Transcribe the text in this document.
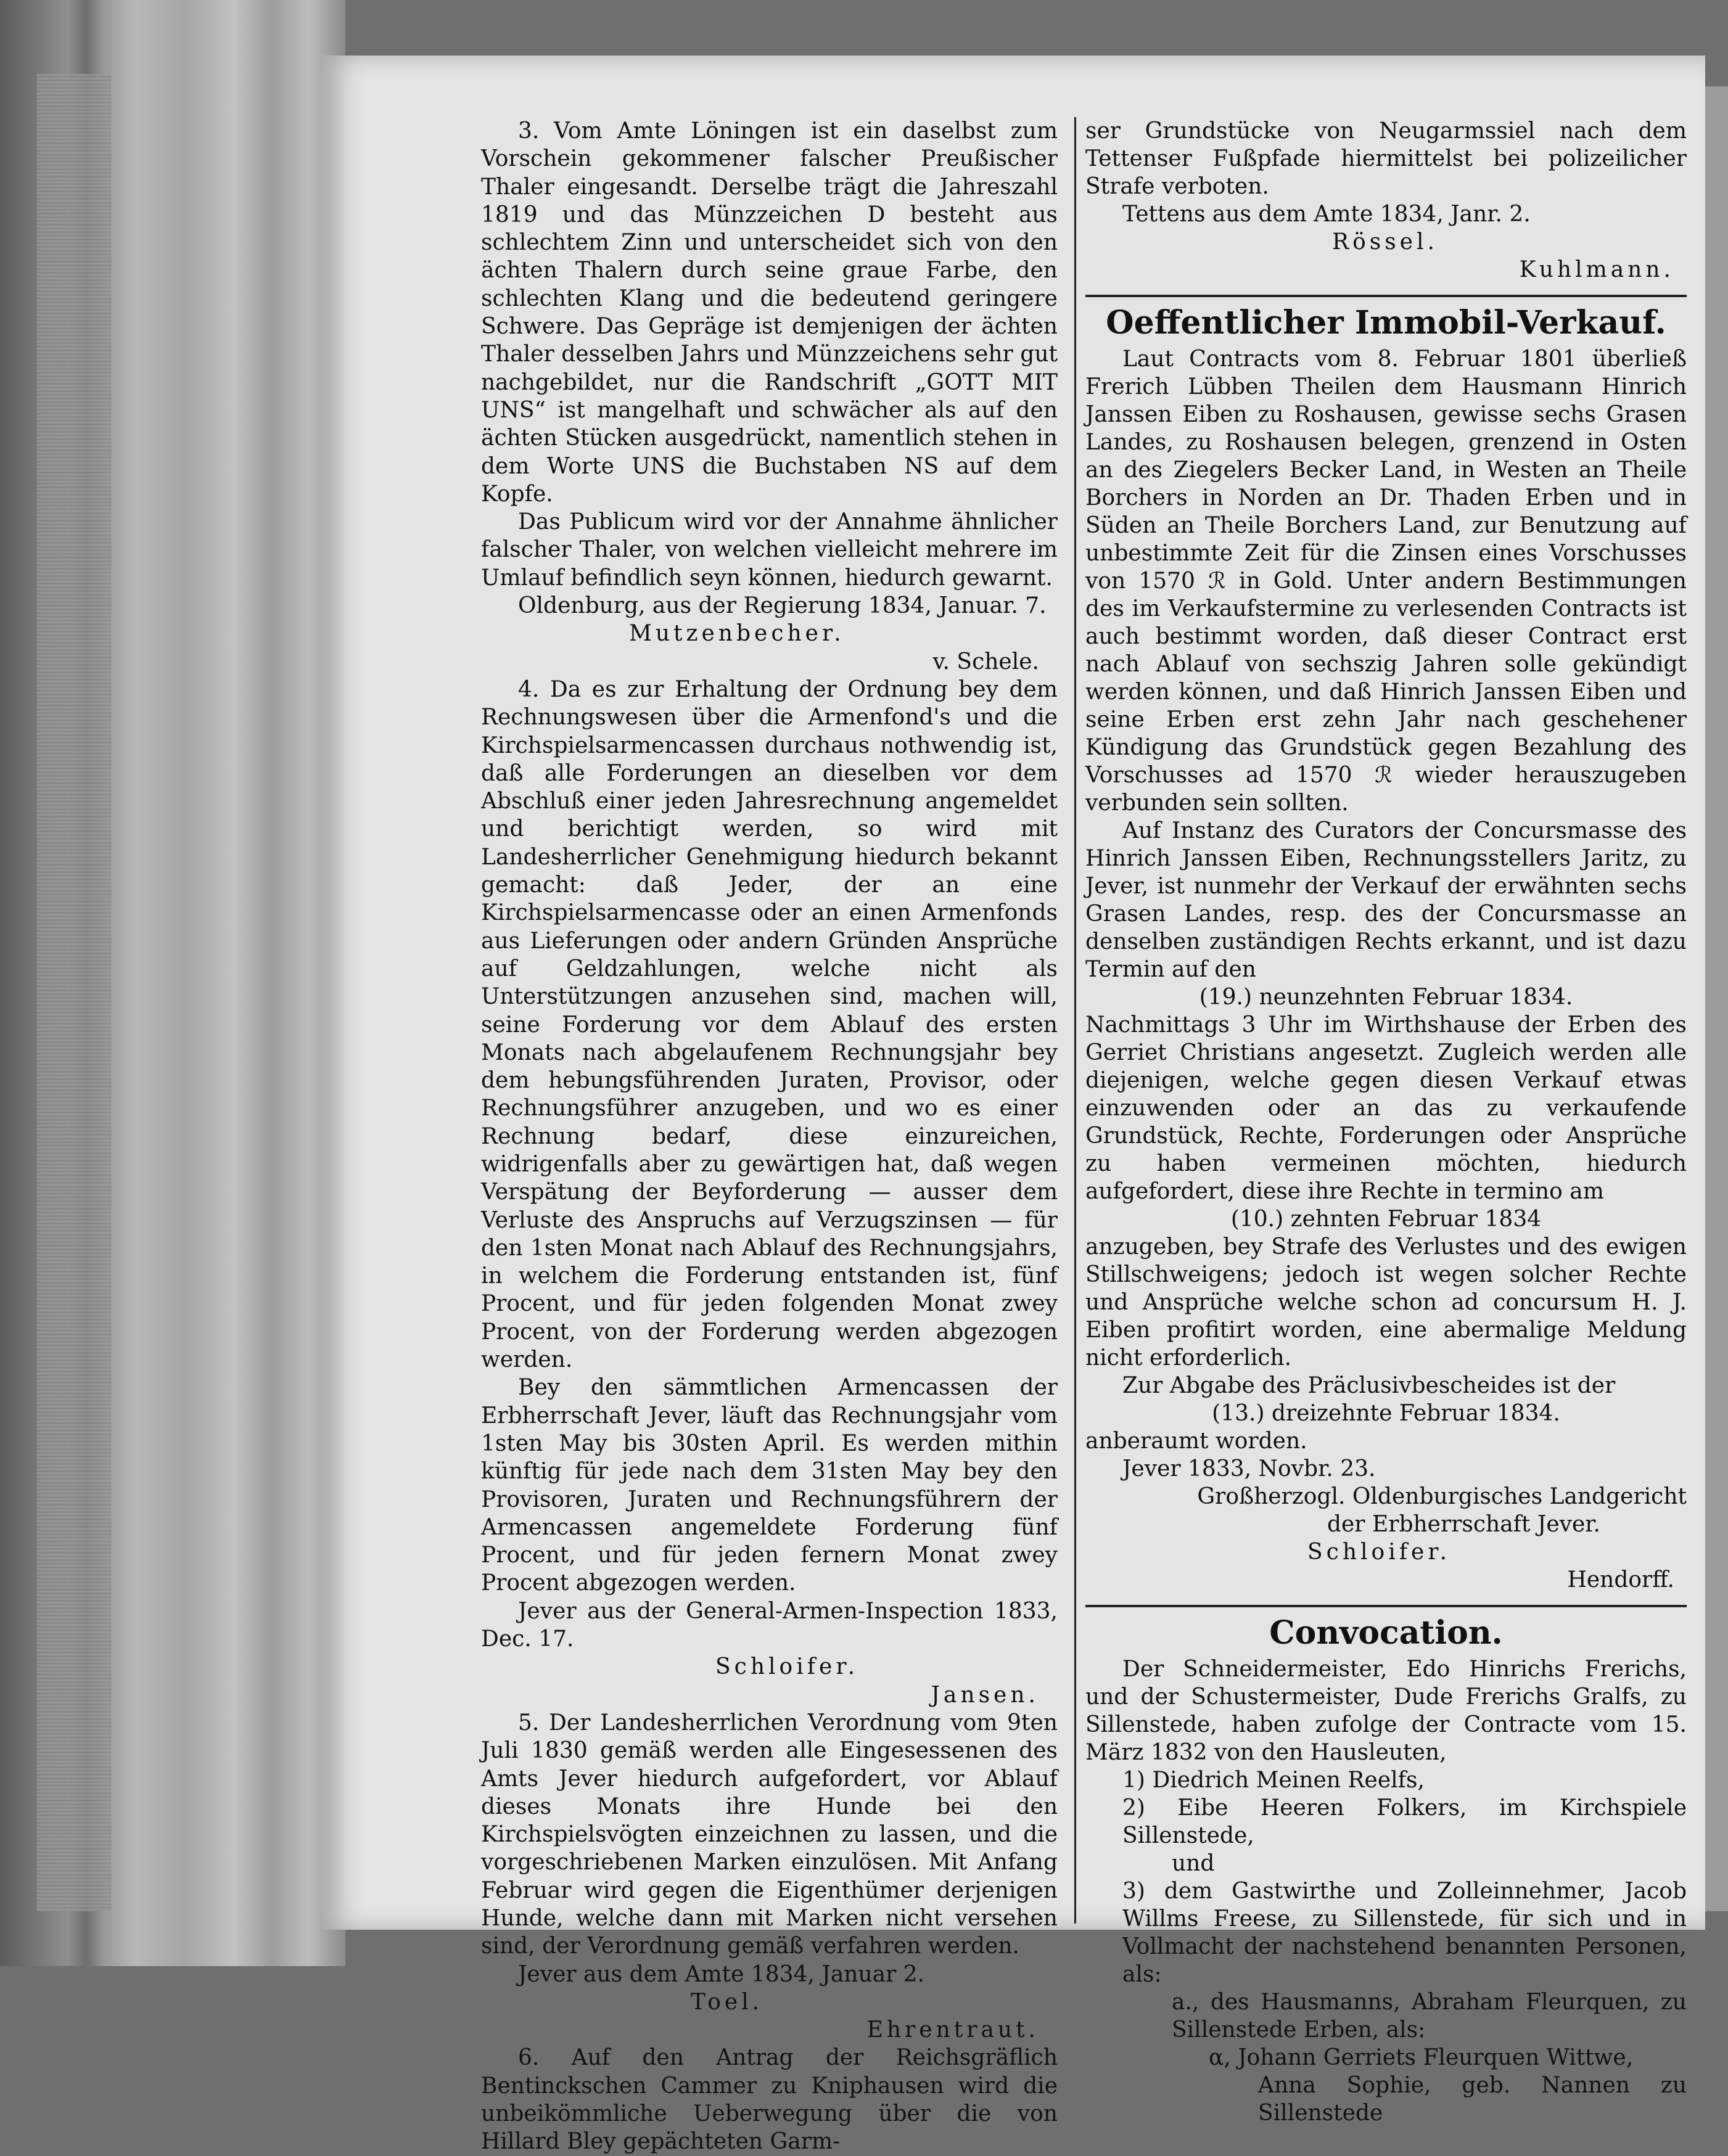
3. Vom Amte Löningen ist ein daselbst zum Vorschein gekommener falscher Preußischer Thaler eingesandt. Derselbe trägt die Jahreszahl 1819 und das Münzzeichen D besteht aus schlechtem Zinn und unterscheidet sich von den ächten Thalern durch seine graue Farbe, den schlechten Klang und die bedeutend geringere Schwere. Das Gepräge ist demjenigen der ächten Thaler desselben Jahrs und Münzzeichens sehr gut nachgebildet, nur die Randschrift „GOTT MIT UNS“ ist mangelhaft und schwächer als auf den ächten Stücken ausgedrückt, namentlich stehen in dem Worte UNS die Buchstaben NS auf dem Kopfe.

Das Publicum wird vor der Annahme ähnlicher falscher Thaler, von welchen vielleicht mehrere im Umlauf befindlich seyn können, hiedurch gewarnt.

Oldenburg, aus der Regierung 1834, Januar. 7.

Mutzenbecher.

v. Schele.

4. Da es zur Erhaltung der Ordnung bey dem Rechnungswesen über die Armenfond's und die Kirchspielsarmencassen durchaus nothwendig ist, daß alle Forderungen an dieselben vor dem Abschluß einer jeden Jahresrechnung angemeldet und berichtigt werden, so wird mit Landesherrlicher Genehmigung hiedurch bekannt gemacht: daß Jeder, der an eine Kirchspielsarmencasse oder an einen Armenfonds aus Lieferungen oder andern Gründen Ansprüche auf Geldzahlungen, welche nicht als Unterstützungen anzusehen sind, machen will, seine Forderung vor dem Ablauf des ersten Monats nach abgelaufenem Rechnungsjahr bey dem hebungsführenden Juraten, Provisor, oder Rechnungsführer anzugeben, und wo es einer Rechnung bedarf, diese einzureichen, widrigenfalls aber zu gewärtigen hat, daß wegen Verspätung der Beyforderung — ausser dem Verluste des Anspruchs auf Verzugszinsen — für den 1sten Monat nach Ablauf des Rechnungsjahrs, in welchem die Forderung entstanden ist, fünf Procent, und für jeden folgenden Monat zwey Procent, von der Forderung werden abgezogen werden.

Bey den sämmtlichen Armencassen der Erbherrschaft Jever, läuft das Rechnungsjahr vom 1sten May bis 30sten April. Es werden mithin künftig für jede nach dem 31sten May bey den Provisoren, Juraten und Rechnungsführern der Armencassen angemeldete Forderung fünf Procent, und für jeden fernern Monat zwey Procent abgezogen werden.

Jever aus der General-Armen-Inspection 1833, Dec. 17.

Schloifer.

Jansen.

5. Der Landesherrlichen Verordnung vom 9ten Juli 1830 gemäß werden alle Eingesessenen des Amts Jever hiedurch aufgefordert, vor Ablauf dieses Monats ihre Hunde bei den Kirchspielsvögten einzeichnen zu lassen, und die vorgeschriebenen Marken einzulösen. Mit Anfang Februar wird gegen die Eigenthümer derjenigen Hunde, welche dann mit Marken nicht versehen sind, der Verordnung gemäß verfahren werden.

Jever aus dem Amte 1834, Januar 2.

Toel.

Ehrentraut.

6. Auf den Antrag der Reichsgräflich Bentinckschen Cammer zu Kniphausen wird die unbeikömmliche Ueberwegung über die von Hillard Bley gepächteten Garm-

ser Grundstücke von Neugarmssiel nach dem Tettenser Fußpfade hiermittelst bei polizeilicher Strafe verboten.

Tettens aus dem Amte 1834, Janr. 2.

Rössel.

Kuhlmann.

Oeffentlicher Immobil-Verkauf.

Laut Contracts vom 8. Februar 1801 überließ Frerich Lübben Theilen dem Hausmann Hinrich Janssen Eiben zu Roshausen, gewisse sechs Grasen Landes, zu Roshausen belegen, grenzend in Osten an des Ziegelers Becker Land, in Westen an Theile Borchers in Norden an Dr. Thaden Erben und in Süden an Theile Borchers Land, zur Benutzung auf unbestimmte Zeit für die Zinsen eines Vorschusses von 1570 ℛ in Gold. Unter andern Bestimmungen des im Verkaufstermine zu verlesenden Contracts ist auch bestimmt worden, daß dieser Contract erst nach Ablauf von sechszig Jahren solle gekündigt werden können, und daß Hinrich Janssen Eiben und seine Erben erst zehn Jahr nach geschehener Kündigung das Grundstück gegen Bezahlung des Vorschusses ad 1570 ℛ wieder herauszugeben verbunden sein sollten.

Auf Instanz des Curators der Concursmasse des Hinrich Janssen Eiben, Rechnungsstellers Jaritz, zu Jever, ist nunmehr der Verkauf der erwähnten sechs Grasen Landes, resp. des der Concursmasse an denselben zuständigen Rechts erkannt, und ist dazu Termin auf den

(19.) neunzehnten Februar 1834.

Nachmittags 3 Uhr im Wirthshause der Erben des Gerriet Christians angesetzt. Zugleich werden alle diejenigen, welche gegen diesen Verkauf etwas einzuwenden oder an das zu verkaufende Grundstück, Rechte, Forderungen oder Ansprüche zu haben vermeinen möchten, hiedurch aufgefordert, diese ihre Rechte in termino am

(10.) zehnten Februar 1834

anzugeben, bey Strafe des Verlustes und des ewigen Stillschweigens; jedoch ist wegen solcher Rechte und Ansprüche welche schon ad concursum H. J. Eiben profitirt worden, eine abermalige Meldung nicht erforderlich.

Zur Abgabe des Präclusivbescheides ist der

(13.) dreizehnte Februar 1834.

anberaumt worden.

Jever 1833, Novbr. 23.

Großherzogl. Oldenburgisches Landgericht

der Erbherrschaft Jever.

Schloifer.

Hendorff.

Convocation.

Der Schneidermeister, Edo Hinrichs Frerichs, und der Schustermeister, Dude Frerichs Gralfs, zu Sillenstede, haben zufolge der Contracte vom 15. März 1832 von den Hausleuten,

1) Diedrich Meinen Reelfs,

2) Eibe Heeren Folkers, im Kirchspiele Sillenstede,

und

3) dem Gastwirthe und Zolleinnehmer, Jacob Willms Freese, zu Sillenstede, für sich und in Vollmacht der nachstehend benannten Personen, als:

a., des Hausmanns, Abraham Fleurquen, zu Sillenstede Erben, als:

α, Johann Gerriets Fleurquen Wittwe,

Anna Sophie, geb. Nannen zu Sillenstede
